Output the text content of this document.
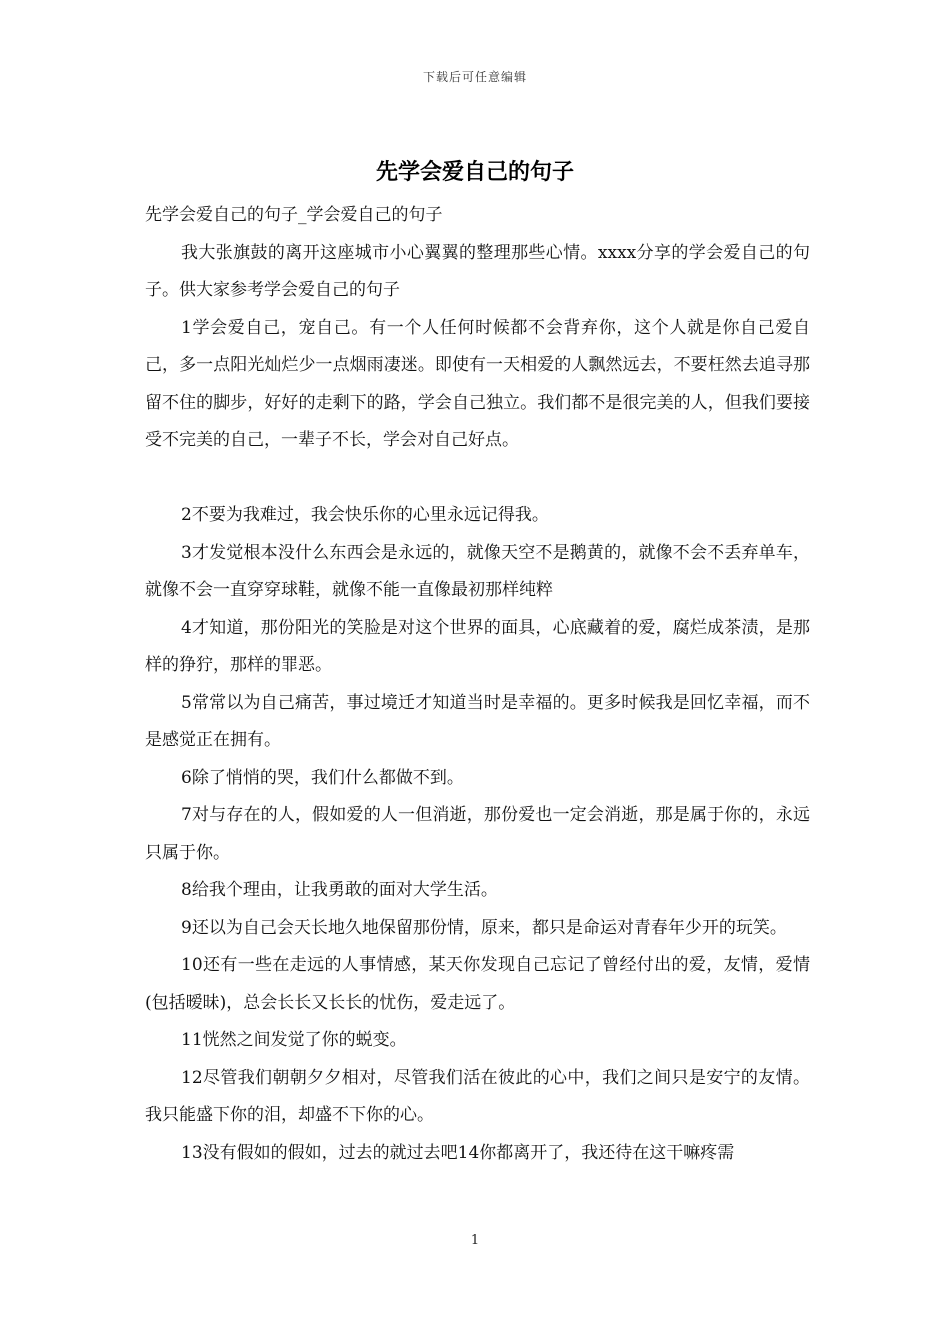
下载后可任意编辑
先学会爱自己的句子

先学会爱自己的句子_学会爱自己的句子

我大张旗鼓的离开这座城市小心翼翼的整理那些心情。xxxx分享的学会爱自己的句子。供大家参考学会爱自己的句子

1学会爱自己，宠自己。有一个人任何时候都不会背弃你，这个人就是你自己爱自己，多一点阳光灿烂少一点烟雨凄迷。即使有一天相爱的人飘然远去，不要枉然去追寻那留不住的脚步，好好的走剩下的路，学会自己独立。我们都不是很完美的人，但我们要接受不完美的自己，一辈子不长，学会对自己好点。

2不要为我难过，我会快乐你的心里永远记得我。

3才发觉根本没什么东西会是永远的，就像天空不是鹅黄的，就像不会不丢弃单车，就像不会一直穿穿球鞋，就像不能一直像最初那样纯粹

4才知道，那份阳光的笑脸是对这个世界的面具，心底藏着的爱，腐烂成茶渍，是那样的狰狞，那样的罪恶。

5常常以为自己痛苦，事过境迁才知道当时是幸福的。更多时候我是回忆幸福，而不是感觉正在拥有。

6除了悄悄的哭，我们什么都做不到。

7对与存在的人，假如爱的人一但消逝，那份爱也一定会消逝，那是属于你的，永远只属于你。

8给我个理由，让我勇敢的面对大学生活。

9还以为自己会天长地久地保留那份情，原来，都只是命运对青春年少开的玩笑。

10还有一些在走远的人事情感，某天你发现自己忘记了曾经付出的爱，友情，爱情(包括暧昧)，总会长长又长长的忧伤，爱走远了。

11恍然之间发觉了你的蜕变。

12尽管我们朝朝夕夕相对，尽管我们活在彼此的心中，我们之间只是安宁的友情。我只能盛下你的泪，却盛不下你的心。

13没有假如的假如，过去的就过去吧14你都离开了，我还待在这干嘛疼需

1
